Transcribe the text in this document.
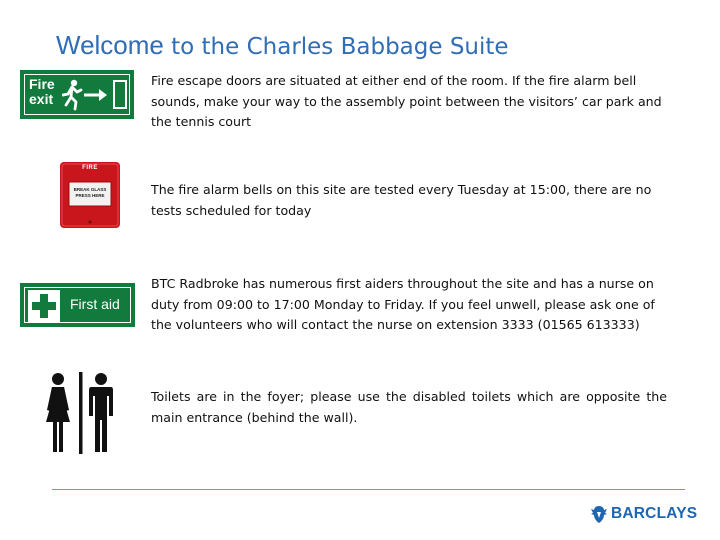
Welcome to the Charles Babbage Suite
Fire
exit
Fire escape doors are situated at either end of the room. If the fire alarm bell sounds, make your way to the assembly point between the visitors’ car park and the tennis court
FIRE
BREAK GLASS
PRESS HERE	The fire alarm bells on this site are tested every Tuesday at 15:00, there are no tests scheduled for today
First aid
BTC Radbroke has numerous first aiders throughout the site and has a nurse on duty from 09:00 to 17:00 Monday to Friday. If you feel unwell, please ask one of the volunteers who will contact the nurse on extension 3333 (01565 613333)
Toilets are in the foyer; please use the disabled toilets which are opposite the main entrance (behind the wall).
BARCLAYS
